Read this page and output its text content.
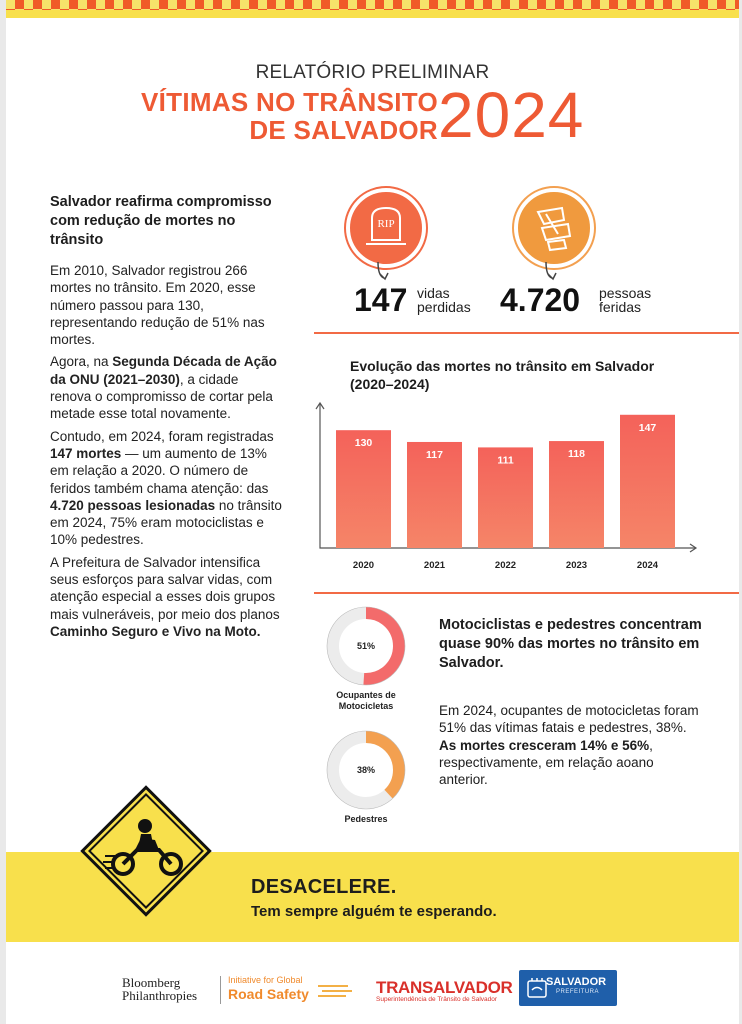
RELATÓRIO PRELIMINAR
VÍTIMAS NO TRÂNSITO
DE SALVADOR 2024
Salvador reafirma compromisso com redução de mortes no trânsito

Em 2010, Salvador registrou 266 mortes no trânsito. Em 2020, esse número passou para 130, representando redução de 51% nas mortes.

Agora, na Segunda Década de Ação da ONU (2021–2030), a cidade renova o compromisso de cortar pela metade esse total novamente.

Contudo, em 2024, foram registradas 147 mortes — um aumento de 13% em relação a 2020. O número de feridos também chama atenção: das 4.720 pessoas lesionadas no trânsito em 2024, 75% eram motociclistas e 10% pedestres.

A Prefeitura de Salvador intensifica seus esforços para salvar vidas, com atenção especial a esses dois grupos mais vulneráveis, por meio dos planos Caminho Seguro e Vivo na Moto.

RIP
147 vidas
perdidas 4.720 pessoas
feridas
Evolução das mortes no trânsito em Salvador (2020–2024)
130
2020
117
2021
111
2022
118
2023
147
2024
51%
Ocupantes de Motocicletas
38%
Pedestres
Motociclistas e pedestres concentram quase 90% das mortes no trânsito em Salvador.
Em 2024, ocupantes de motocicletas foram 51% das vítimas fatais e pedestres, 38%. As mortes cresceram 14% e 56%, respectivamente, em relação aoano anterior.
DESACELERE.
Tem sempre alguém te esperando.
Bloomberg
Philanthropies
Initiative for Global
Road Safety	TRANSALVADOR
Superintendência de Trânsito de Salvador
SALVADOR
PREFEITURA
